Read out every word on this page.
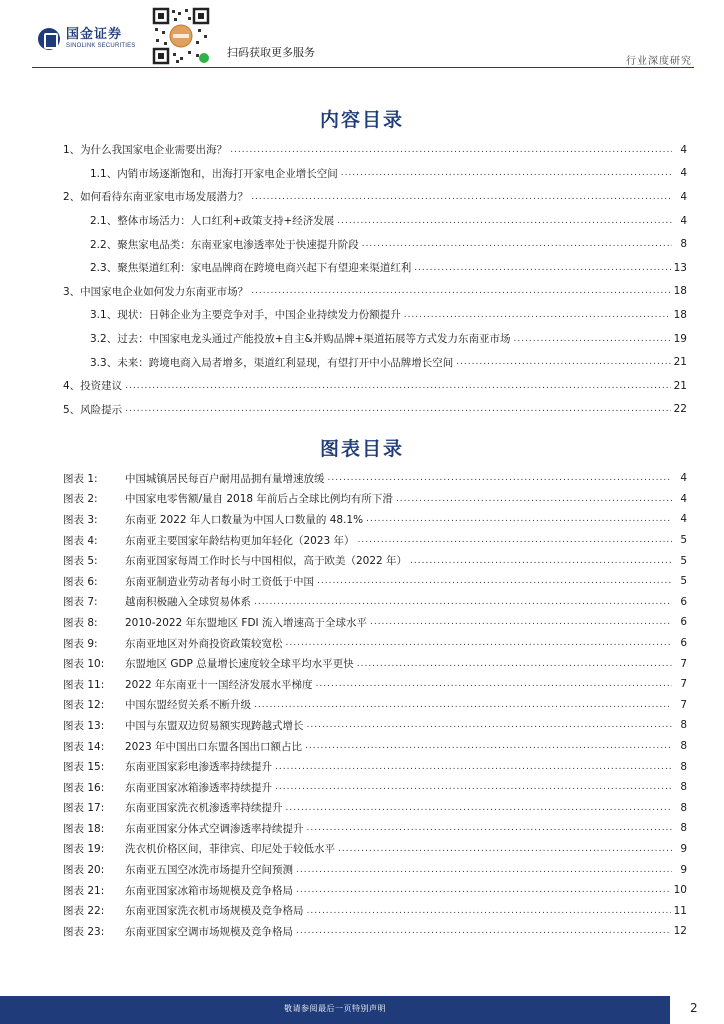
国金证券
SINOLINK SECURITIES	扫码获取更多服务
行业深度研究
内容目录
1、为什么我国家电企业需要出海？ .....	4
1.1、内销市场逐渐饱和，出海打开家电企业增长空间 .....	4
2、如何看待东南亚家电市场发展潜力？ .....	4
2.1、整体市场活力：人口红利+政策支持+经济发展 .....	4
2.2、聚焦家电品类：东南亚家电渗透率处于快速提升阶段 .....	8
2.3、聚焦渠道红利：家电品牌商在跨境电商兴起下有望迎来渠道红利 .....	13
3、中国家电企业如何发力东南亚市场？ .....	18
3.1、现状：日韩企业为主要竞争对手，中国企业持续发力份额提升 .....	18
3.2、过去：中国家电龙头通过产能投放+自主&并购品牌+渠道拓展等方式发力东南亚市场 .....	19
3.3、未来：跨境电商入局者增多，渠道红利显现，有望打开中小品牌增长空间 .....	21
4、投资建议 .....	21
5、风险提示 .....	22
图表目录
图表 1:	中国城镇居民每百户耐用品拥有量增速放缓 .....	4
图表 2:	中国家电零售额/量自 2018 年前后占全球比例均有所下滑 .....	4
图表 3:	东南亚 2022 年人口数量为中国人口数量的 48.1% .....	4
图表 4:	东南亚主要国家年龄结构更加年轻化（2023 年） .....	5
图表 5:	东南亚国家每周工作时长与中国相似，高于欧美（2022 年） .....	5
图表 6:	东南亚制造业劳动者每小时工资低于中国 .....	5
图表 7:	越南积极融入全球贸易体系 .....	6
图表 8:	2010-2022 年东盟地区 FDI 流入增速高于全球水平 .....	6
图表 9:	东南亚地区对外商投资政策较宽松 .....	6
图表 10:	东盟地区 GDP 总量增长速度较全球平均水平更快 .....	7
图表 11:	2022 年东南亚十一国经济发展水平梯度 .....	7
图表 12:	中国东盟经贸关系不断升级 .....	7
图表 13:	中国与东盟双边贸易额实现跨越式增长 .....	8
图表 14:	2023 年中国出口东盟各国出口额占比 .....	8
图表 15:	东南亚国家彩电渗透率持续提升 .....	8
图表 16:	东南亚国家冰箱渗透率持续提升 .....	8
图表 17:	东南亚国家洗衣机渗透率持续提升 .....	8
图表 18:	东南亚国家分体式空调渗透率持续提升 .....	8
图表 19:	洗衣机价格区间，菲律宾、印尼处于较低水平 .....	9
图表 20:	东南亚五国空冰洗市场提升空间预测 .....	9
图表 21:	东南亚国家冰箱市场规模及竞争格局 .....	10
图表 22:	东南亚国家洗衣机市场规模及竞争格局 .....	11
图表 23:	东南亚国家空调市场规模及竞争格局 .....	12
敬请参阅最后一页特别声明	2
